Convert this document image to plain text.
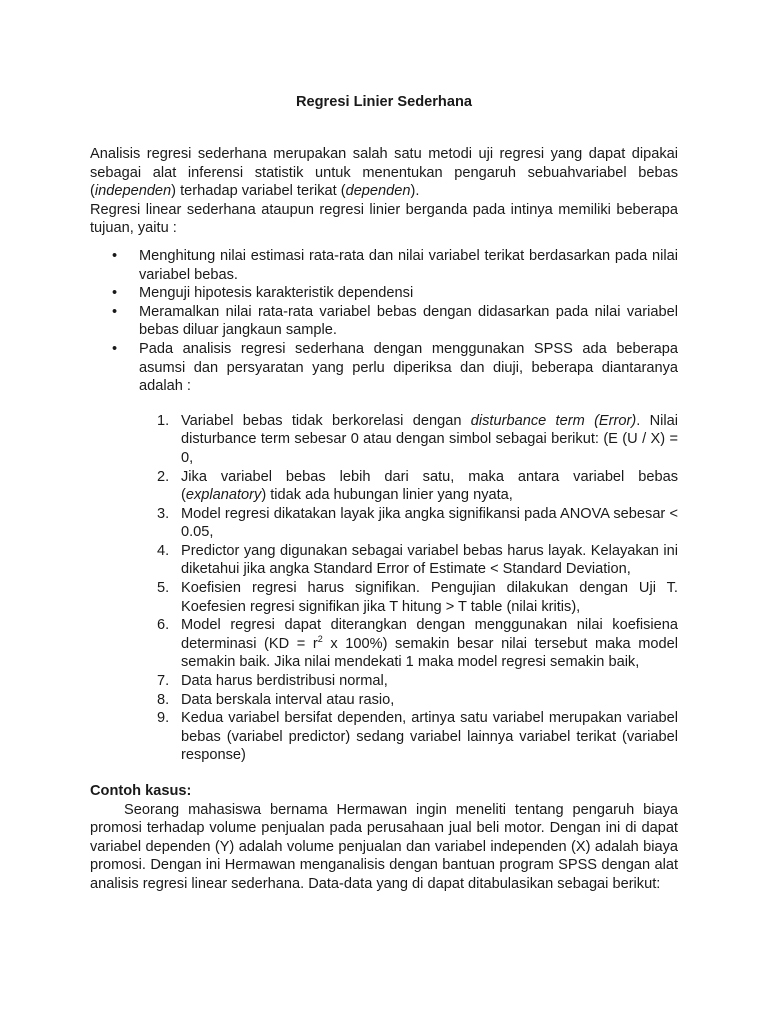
Regresi Linier Sederhana

Analisis regresi sederhana merupakan salah satu metodi uji regresi yang dapat dipakai sebagai alat inferensi statistik untuk menentukan pengaruh sebuahvariabel bebas (independen) terhadap variabel terikat (dependen).

Regresi linear sederhana ataupun regresi linier berganda pada intinya memiliki beberapa tujuan, yaitu :

• Menghitung nilai estimasi rata-rata dan nilai variabel terikat berdasarkan pada nilai variabel bebas.
• Menguji hipotesis karakteristik dependensi
• Meramalkan nilai rata-rata variabel bebas dengan didasarkan pada nilai variabel bebas diluar jangkaun sample.
• Pada analisis regresi sederhana dengan menggunakan SPSS ada beberapa asumsi dan persyaratan yang perlu diperiksa dan diuji, beberapa diantaranya adalah :
1. Variabel bebas tidak berkorelasi dengan disturbance term (Error). Nilai disturbance term sebesar 0 atau dengan simbol sebagai berikut: (E (U / X) = 0,
2. Jika variabel bebas lebih dari satu, maka antara variabel bebas (explanatory) tidak ada hubungan linier yang nyata,
3. Model regresi dikatakan layak jika angka signifikansi pada ANOVA sebesar < 0.05,
4. Predictor yang digunakan sebagai variabel bebas harus layak. Kelayakan ini diketahui jika angka Standard Error of Estimate < Standard Deviation,
5. Koefisien regresi harus signifikan. Pengujian dilakukan dengan Uji T. Koefesien regresi signifikan jika T hitung > T table (nilai kritis),
6. Model regresi dapat diterangkan dengan menggunakan nilai koefisiena determinasi ($KD = r^2$ x 100%) semakin besar nilai tersebut maka model semakin baik. Jika nilai mendekati 1 maka model regresi semakin baik,
7. Data harus berdistribusi normal,
8. Data berskala interval atau rasio,
9. Kedua variabel bersifat dependen, artinya satu variabel merupakan variabel bebas (variabel predictor) sedang variabel lainnya variabel terikat (variabel response)

Contoh kasus:

Seorang mahasiswa bernama Hermawan ingin meneliti tentang pengaruh biaya promosi terhadap volume penjualan pada perusahaan jual beli motor. Dengan ini di dapat variabel dependen (Y) adalah volume penjualan dan variabel independen (X) adalah biaya promosi. Dengan ini Hermawan menganalisis dengan bantuan program SPSS dengan alat analisis regresi linear sederhana. Data-data yang di dapat ditabulasikan sebagai berikut:
